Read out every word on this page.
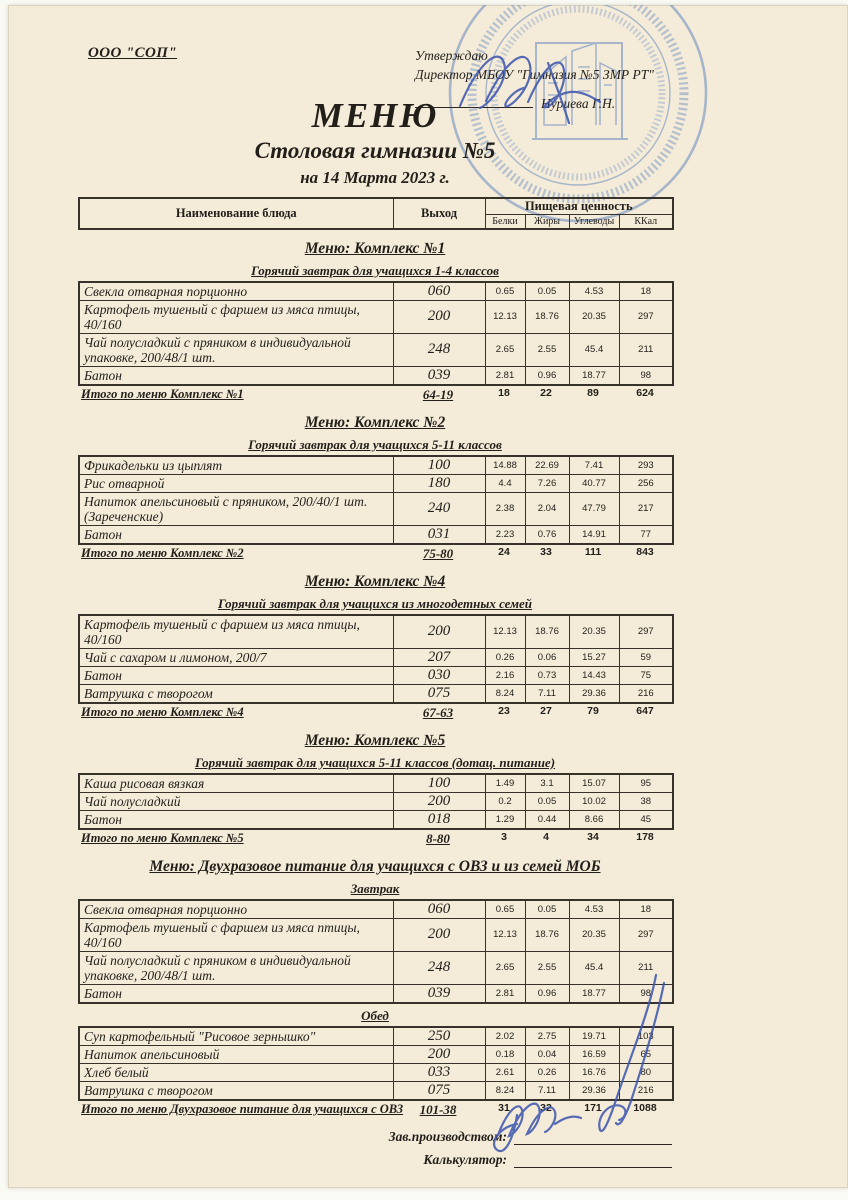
ООО "СОП"	Утверждаю
Директор МБОУ "Гимназия №5 ЗМР РТ"
Нуриева Г.Н.
МЕНЮ
Столовая гимназии №5
на 14 Марта 2023 г.
Наименование блюда	Выход	Пищевая ценность			
		Белки	Жиры	Углеводы	ККал
Меню: Комплекс №1
Горячий завтрак для учащихся 1-4 классов
Свекла отварная порционно	060	0.65	0.05	4.53	18
Картофель тушеный с фаршем из мяса птицы, 40/160	200	12.13	18.76	20.35	297
Чай полусладкий с пряником в индивидуальной упаковке, 200/48/1 шт.	248	2.65	2.55	45.4	211
Батон	039	2.81	0.96	18.77	98
Итого по меню Комплекс №1	64-19	18	22	89	624
Меню: Комплекс №2
Горячий завтрак для учащихся 5-11 классов
Фрикадельки из цыплят	100	14.88	22.69	7.41	293
Рис отварной	180	4.4	7.26	40.77	256
Напиток апельсиновый с пряником, 200/40/1 шт. (Зареченские)	240	2.38	2.04	47.79	217
Батон	031	2.23	0.76	14.91	77
Итого по меню Комплекс №2	75-80	24	33	111	843
Меню: Комплекс №4
Горячий завтрак для учащихся из многодетных семей
Картофель тушеный с фаршем из мяса птицы, 40/160	200	12.13	18.76	20.35	297
Чай с сахаром и лимоном, 200/7	207	0.26	0.06	15.27	59
Батон	030	2.16	0.73	14.43	75
Ватрушка с творогом	075	8.24	7.11	29.36	216
Итого по меню Комплекс №4	67-63	23	27	79	647
Меню: Комплекс №5
Горячий завтрак для учащихся 5-11 классов (дотац. питание)
Каша рисовая вязкая	100	1.49	3.1	15.07	95
Чай полусладкий	200	0.2	0.05	10.02	38
Батон	018	1.29	0.44	8.66	45
Итого по меню Комплекс №5	8-80	3	4	34	178
Меню: Двухразовое питание для учащихся с ОВЗ и из семей МОБ
Завтрак
Свекла отварная порционно	060	0.65	0.05	4.53	18
Картофель тушеный с фаршем из мяса птицы, 40/160	200	12.13	18.76	20.35	297
Чай полусладкий с пряником в индивидуальной упаковке, 200/48/1 шт.	248	2.65	2.55	45.4	211
Батон	039	2.81	0.96	18.77	98
Обед
Суп картофельный "Рисовое зернышко"	250	2.02	2.75	19.71	103
Напиток апельсиновый	200	0.18	0.04	16.59	65
Хлеб белый	033	2.61	0.26	16.76	80
Ватрушка с творогом	075	8.24	7.11	29.36	216
Итого по меню Двухразовое питание для учащихся с ОВЗ	101-38	31	32	171	1088
Зав.производством:
Калькулятор:
